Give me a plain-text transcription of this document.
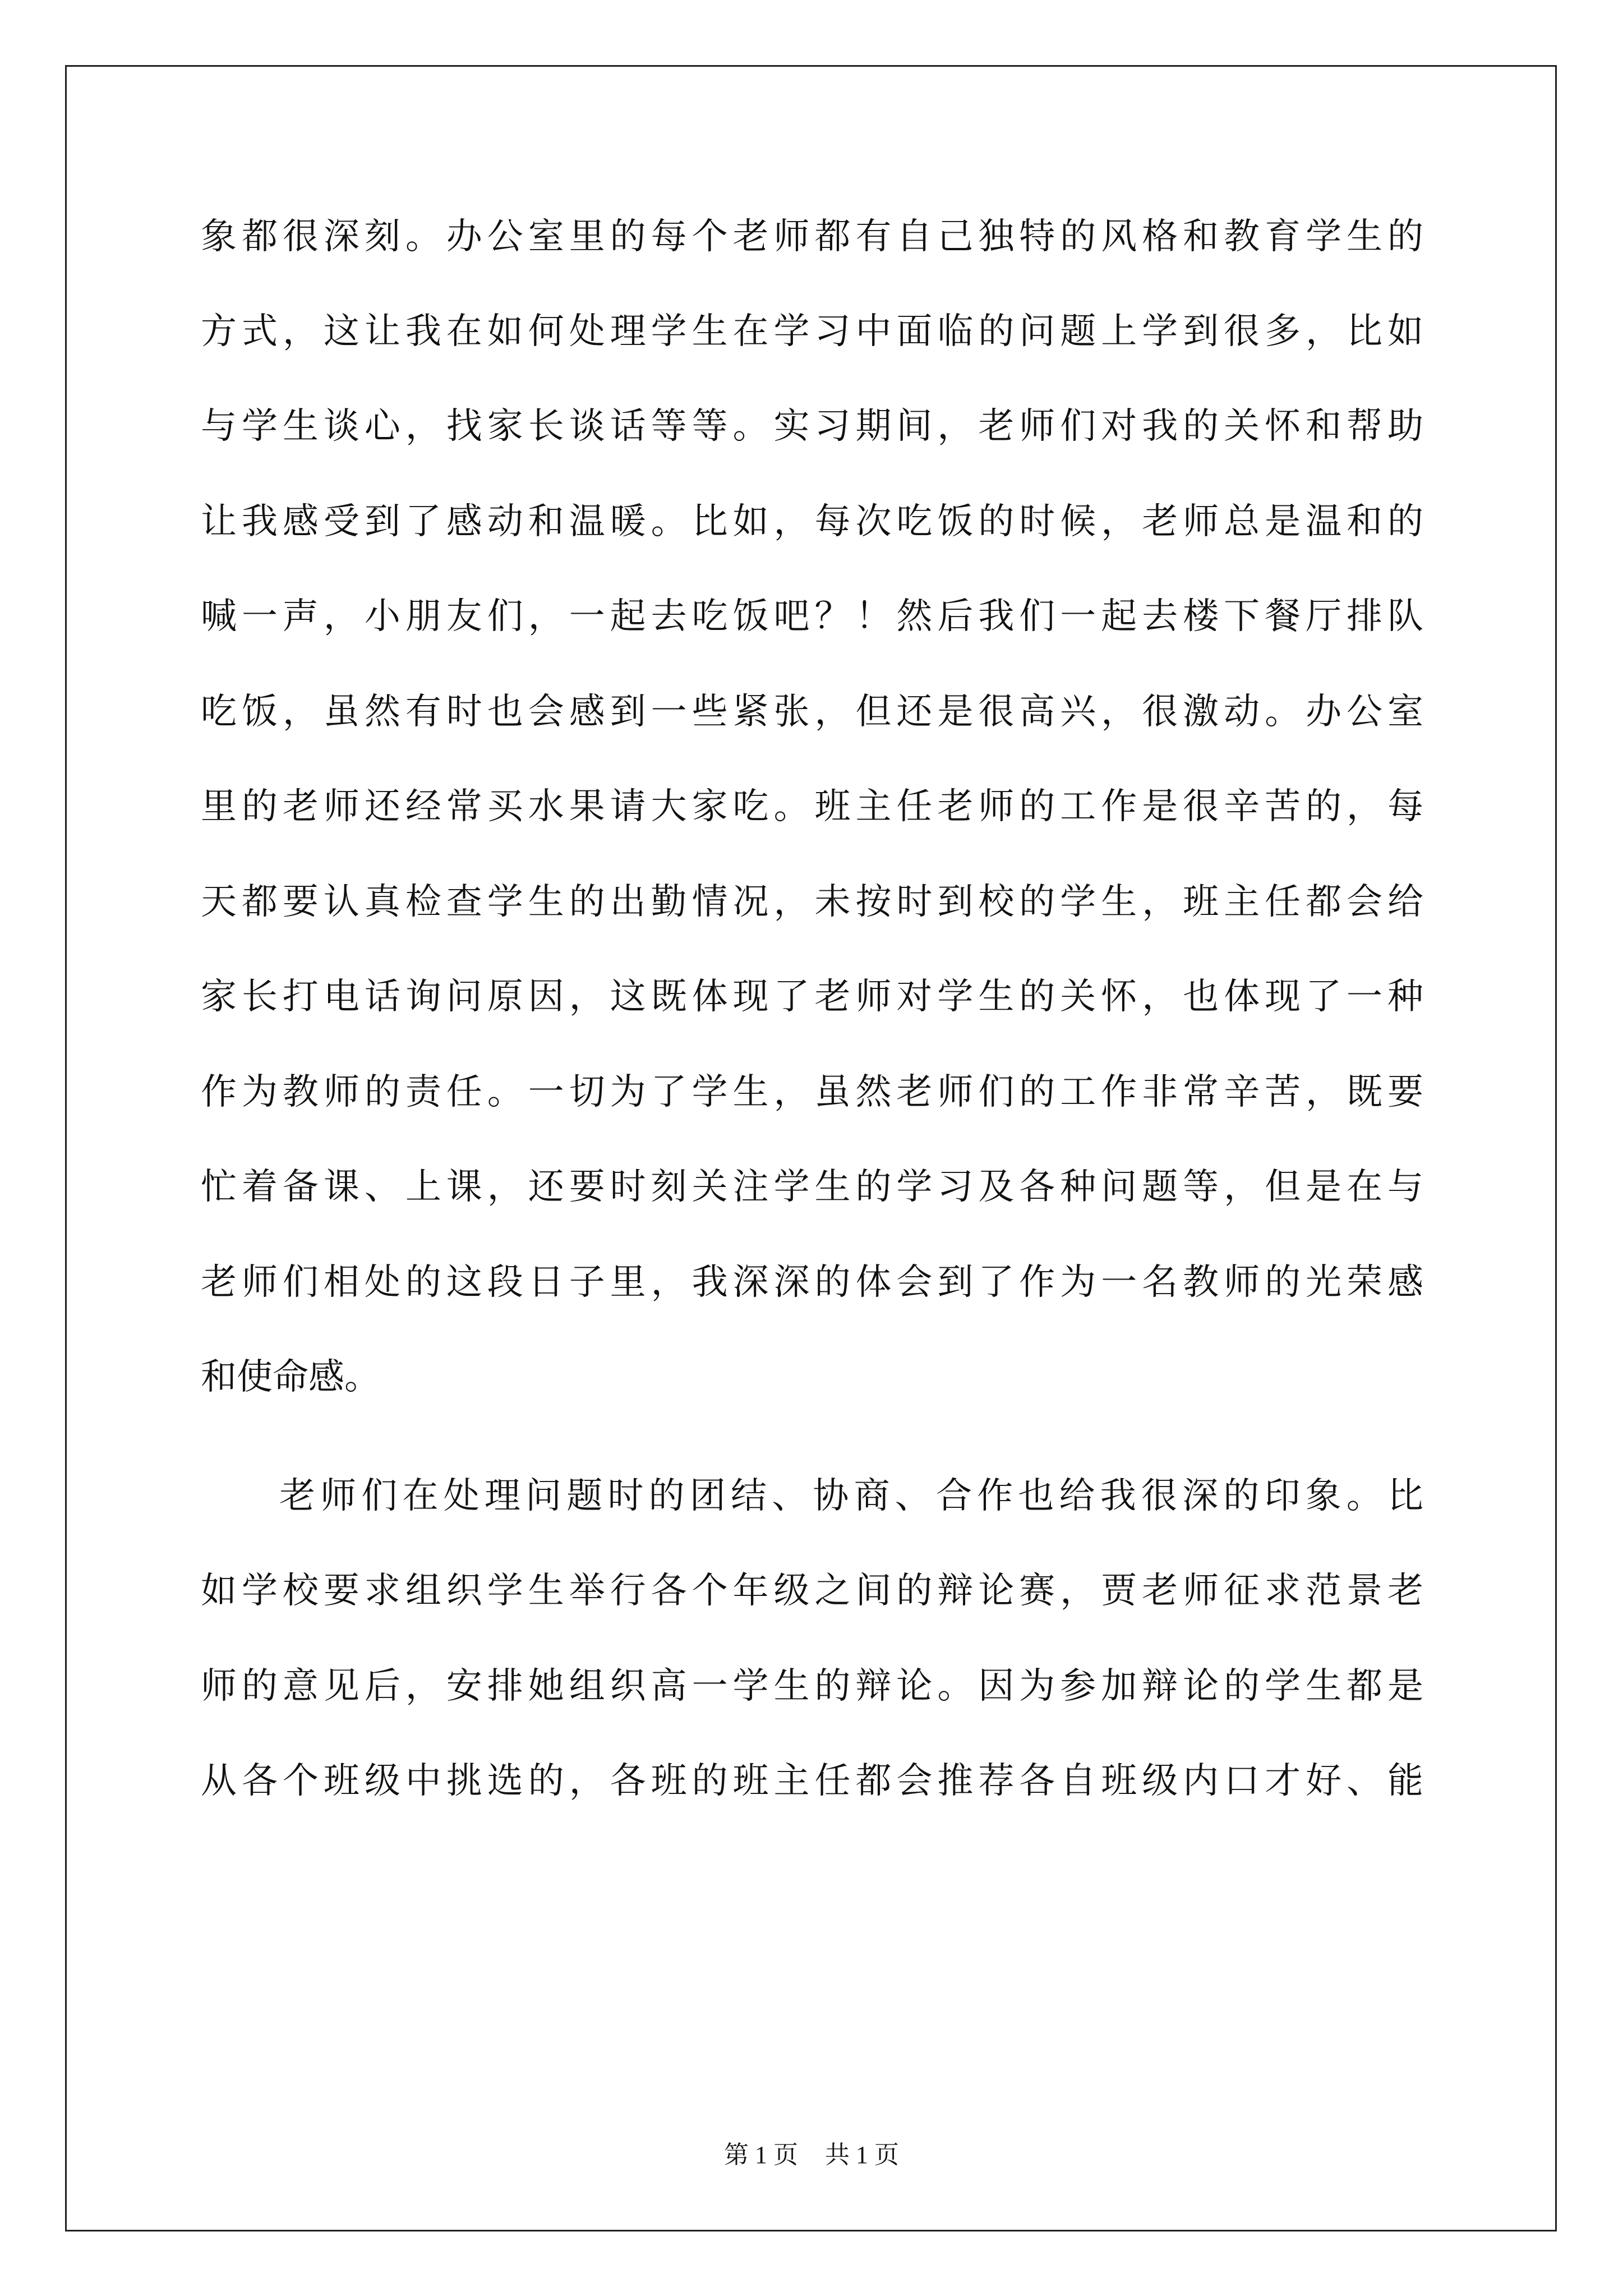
象都很深刻。办公室里的每个老师都有自己独特的风格和教育学生的
方式，这让我在如何处理学生在学习中面临的问题上学到很多，比如
与学生谈心，找家长谈话等等。实习期间，老师们对我的关怀和帮助
让我感受到了感动和温暖。比如，每次吃饭的时候，老师总是温和的
喊一声，小朋友们，一起去吃饭吧？！然后我们一起去楼下餐厅排队
吃饭，虽然有时也会感到一些紧张，但还是很高兴，很激动。办公室
里的老师还经常买水果请大家吃。班主任老师的工作是很辛苦的，每
天都要认真检查学生的出勤情况，未按时到校的学生，班主任都会给
家长打电话询问原因，这既体现了老师对学生的关怀，也体现了一种
作为教师的责任。一切为了学生，虽然老师们的工作非常辛苦，既要
忙着备课、上课，还要时刻关注学生的学习及各种问题等，但是在与
老师们相处的这段日子里，我深深的体会到了作为一名教师的光荣感
和使命感。
老师们在处理问题时的团结、协商、合作也给我很深的印象。比
如学校要求组织学生举行各个年级之间的辩论赛，贾老师征求范景老
师的意见后，安排她组织高一学生的辩论。因为参加辩论的学生都是
从各个班级中挑选的，各班的班主任都会推荐各自班级内口才好、能
第 1 页 共 1 页
